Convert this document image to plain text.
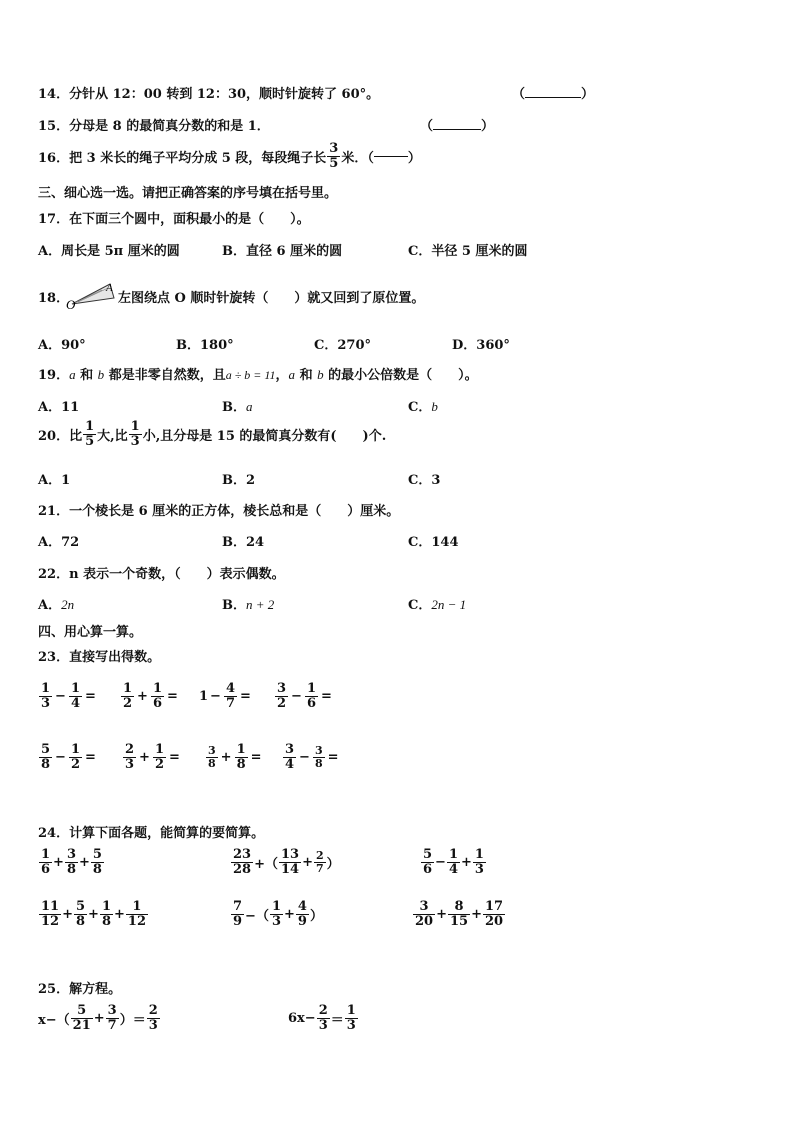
14．分针从 12：00 转到 12：30，顺时针旋转了 60°。	（	）
15．分母是 8 的最简真分数的和是 1．	（	）
16．把 3 米长的绳子平均分成 5 段，每段绳子长 $\frac{3}{5}$ 米．（	）
三、细心选一选。请把正确答案的序号填在括号里。
17．在下面三个圆中，面积最小的是（　　）。
A．周长是 5π 厘米的圆	B．直径 6 厘米的圆	C．半径 5 厘米的圆
18．
O
A
左图绕点 O 顺时针旋转（　　）就又回到了原位置。
A．90°	B．180°	C．270°	D．360°
19．a 和 b 都是非零自然数，且a ÷ b = 11，a 和 b 的最小公倍数是（　　）。
A．11	B．a	C．b
20．比 $\frac{1}{5}$ 大,比 $\frac{1}{3}$ 小,且分母是 15 的最简真分数有(　　)个.
A．1	B．2	C．3
21．一个棱长是 6 厘米的正方体，棱长总和是（　　）厘米。
A．72	B．24	C．144
22．n 表示一个奇数，（　　）表示偶数。
A．2n	B．n + 2	C．2n − 1
四、用心算一算。
23．直接写出得数。
$\frac{1}{3} - \frac{1}{4} = \frac{1}{2} + \frac{1}{6} = 1 - \frac{4}{7} = \frac{3}{2} - \frac{1}{6}$ =
$\frac{5}{8} - \frac{1}{2} = \frac{2}{3} + \frac{1}{2} = \frac{3}{8} + \frac{1}{8} = \frac{3}{4} - \frac{3}{8}$ =
24．计算下面各题，能简算的要简算。
$\frac{1}{6} + \frac{3}{8} + \frac{5}{8}$	$\frac{23}{28}$ +（ $\frac{13}{14} + \frac{2}{7}$ ）	$\frac{5}{6} - \frac{1}{4} + \frac{1}{3}$
$\frac{11}{12} + \frac{5}{8} + \frac{1}{8} + \frac{1}{12}$	$\frac{7}{9}$ −（ $\frac{1}{3} + \frac{4}{9}$ ）	$\frac{3}{20} + \frac{8}{15} + \frac{17}{20}$
25．解方程。
$x-( \frac{5}{21} + \frac{3}{7}$ ）＝ $\frac{2}{3}$	$6x- \frac{2}{3} = \frac{1}{3}$
